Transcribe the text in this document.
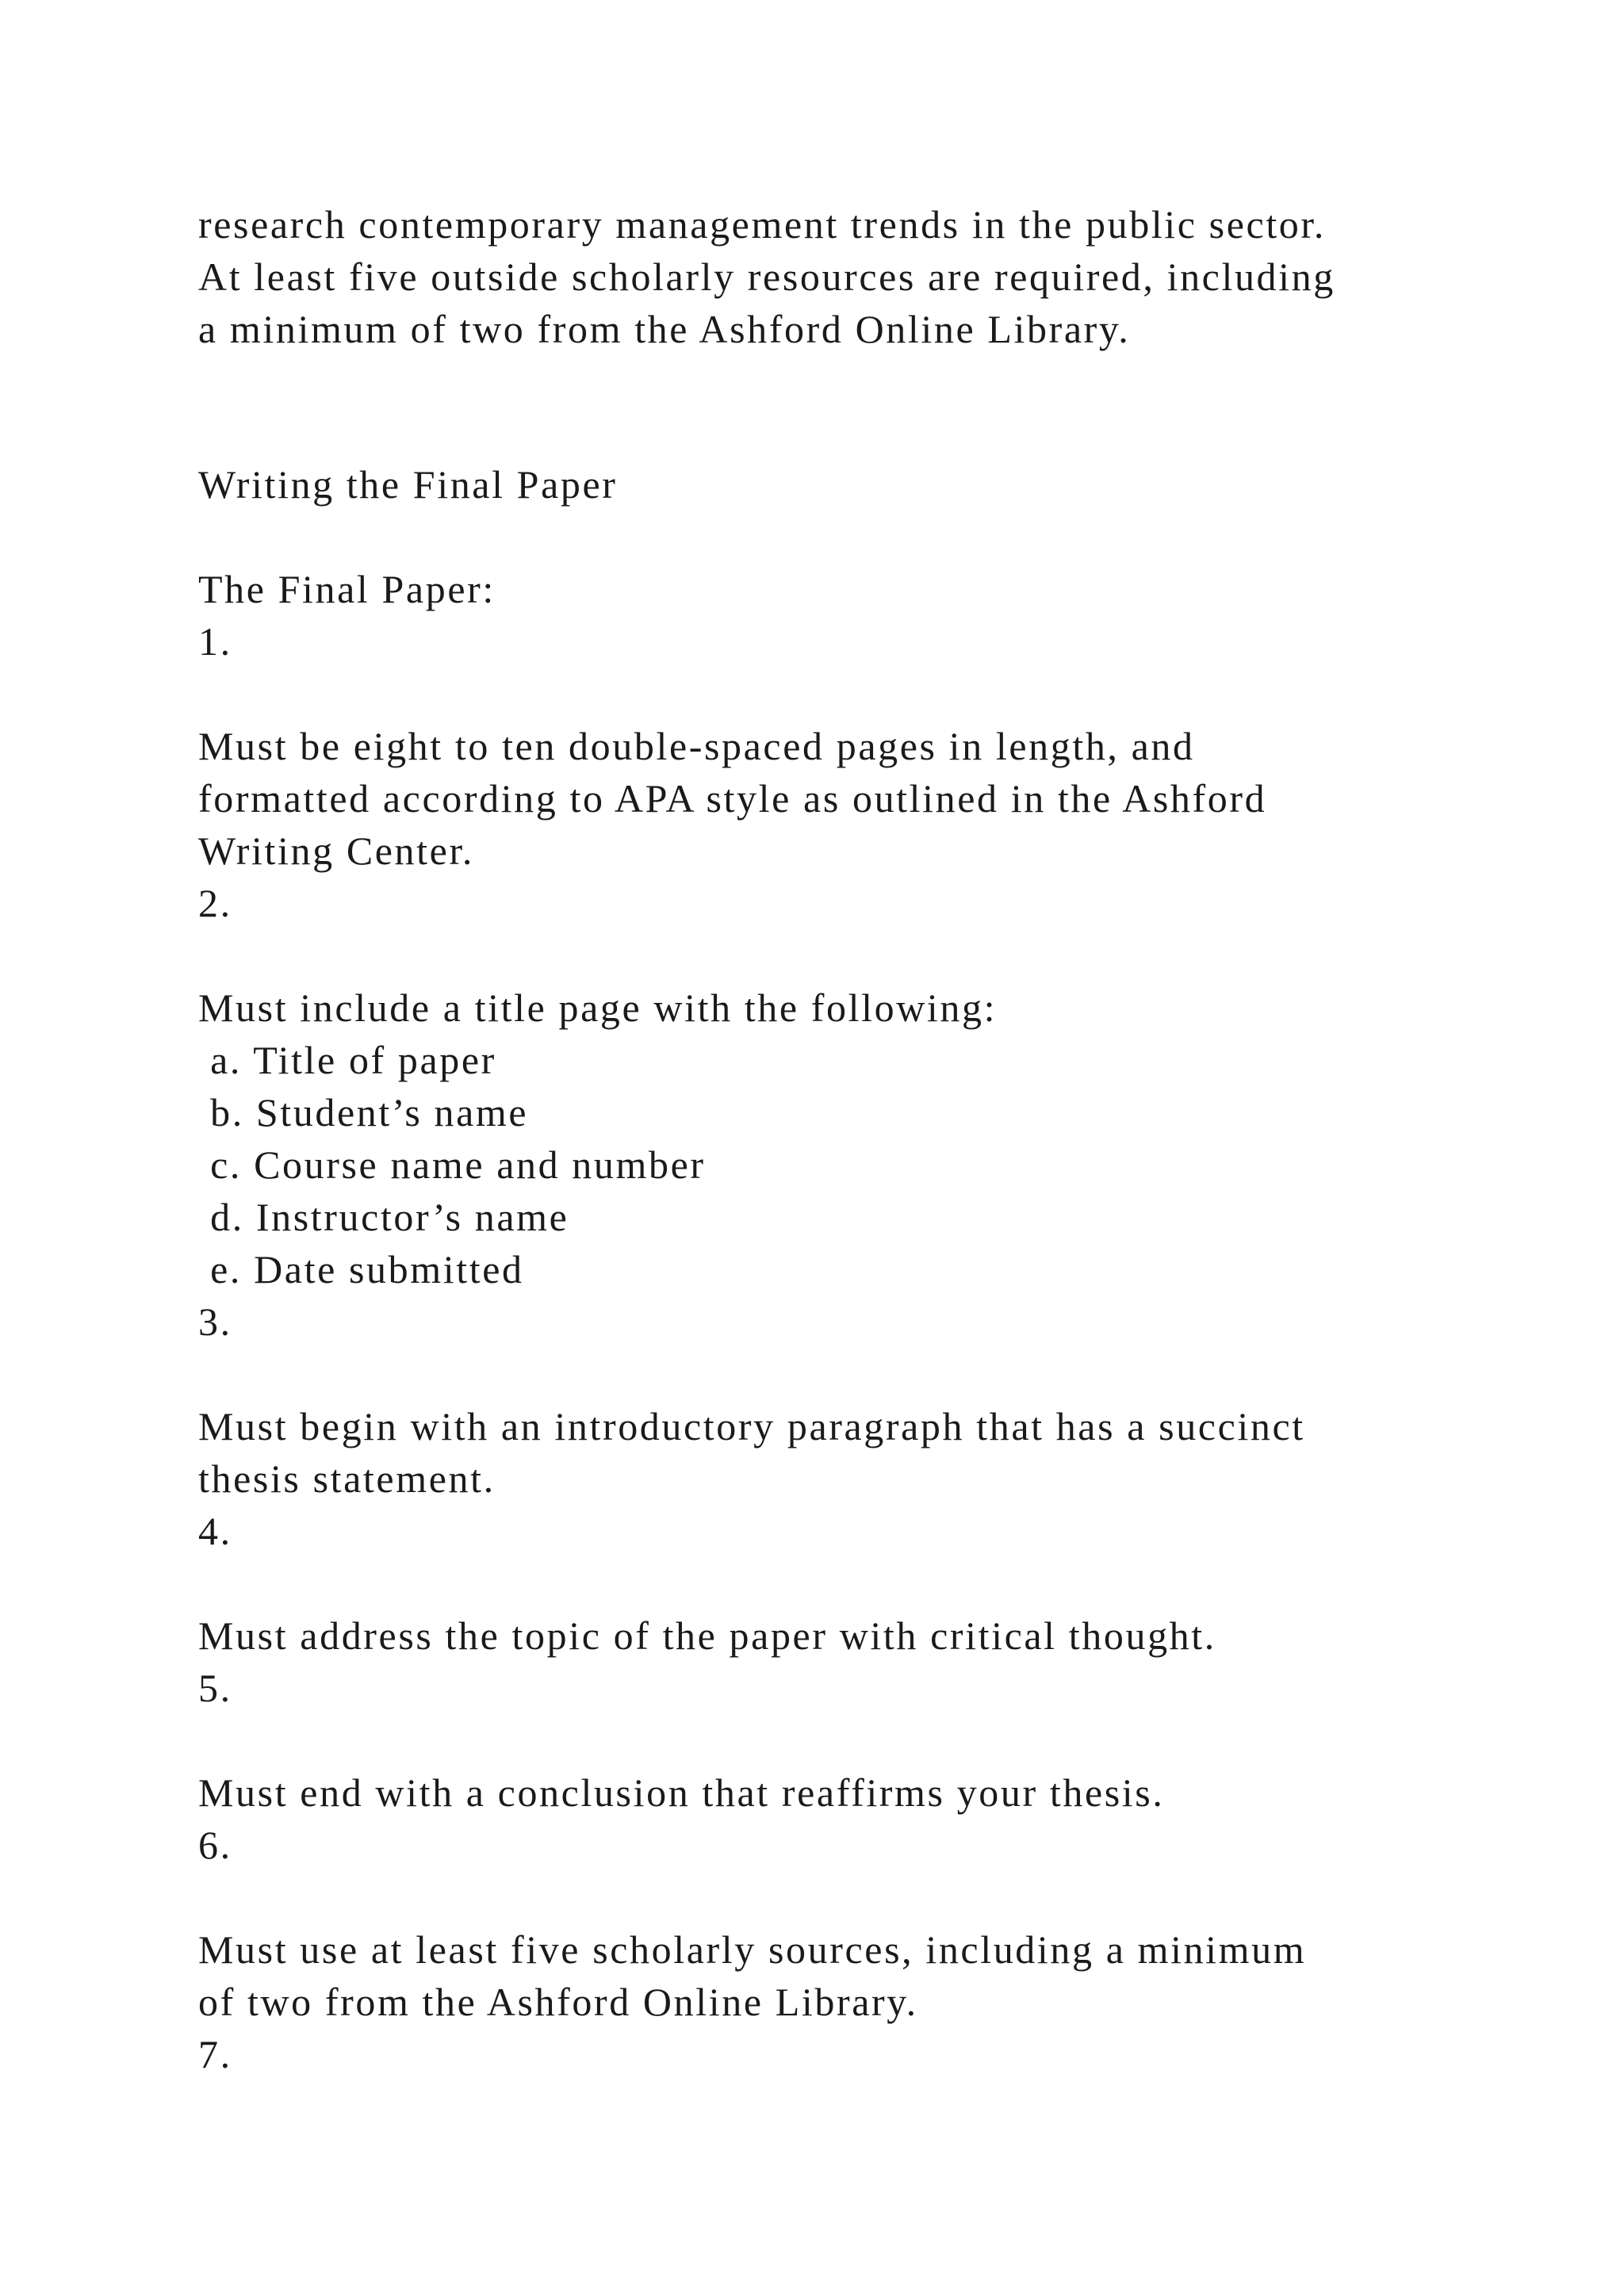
research contemporary management trends in the public sector.

At least five outside scholarly resources are required, including

a minimum of two from the Ashford Online Library.

Writing the Final Paper

The Final Paper:

1.

Must be eight to ten double-spaced pages in length, and

formatted according to APA style as outlined in the Ashford

Writing Center.

2.

Must include a title page with the following:

a. Title of paper

b. Student’s name

c. Course name and number

d. Instructor’s name

e. Date submitted

3.

Must begin with an introductory paragraph that has a succinct

thesis statement.

4.

Must address the topic of the paper with critical thought.

5.

Must end with a conclusion that reaffirms your thesis.

6.

Must use at least five scholarly sources, including a minimum

of two from the Ashford Online Library.

7.
